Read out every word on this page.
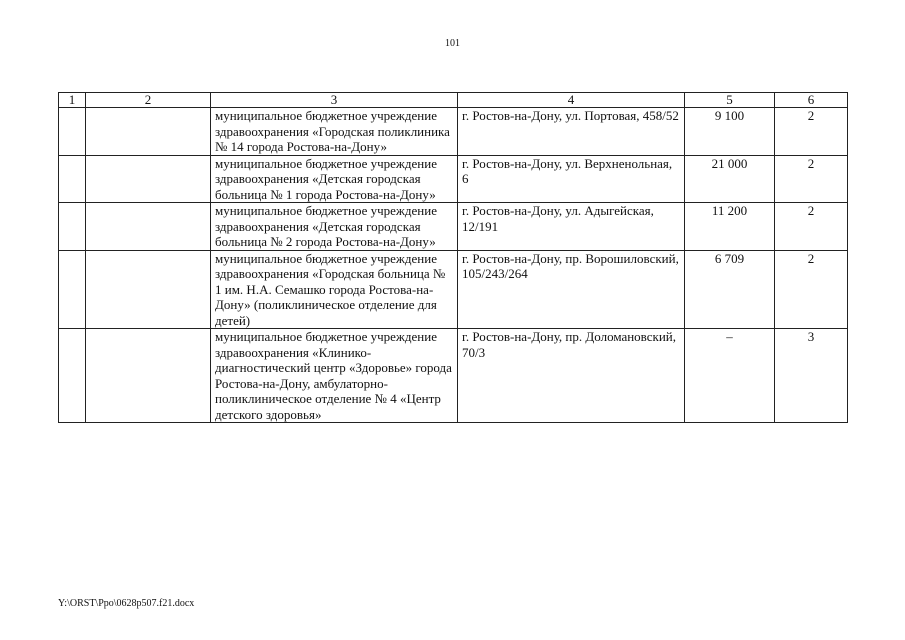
101
1	2	3	4	5	6
		муниципальное бюджетное учреждение здравоохранения «Городская поликлиника № 14 города Ростова-на-Дону»	г. Ростов-на-Дону, ул. Портовая, 458/52	9 100	2
		муниципальное бюджетное учреждение здравоохранения «Детская городская больница № 1 города Ростова-на-Дону»	г. Ростов-на-Дону, ул. Верхненольная, 6	21 000	2
		муниципальное бюджетное учреждение здравоохранения «Детская городская больница № 2 города Ростова-на-Дону»	г. Ростов-на-Дону, ул. Адыгейская, 12/191	11 200	2
		муниципальное бюджетное учреждение здравоохранения «Городская больница № 1 им. Н.А. Семашко города Ростова-на-Дону» (поликлиническое отделение для детей)	г. Ростов-на-Дону, пр. Ворошиловский, 105/243/264	6 709	2
		муниципальное бюджетное учреждение здравоохранения «Клинико-диагностический центр «Здоровье» города Ростова-на-Дону, амбулаторно-поликлиническое отделение № 4 «Центр детского здоровья»	г. Ростов-на-Дону, пр. Доломановский, 70/3	–	3
Y:\ORST\Ppo\0628p507.f21.docx
